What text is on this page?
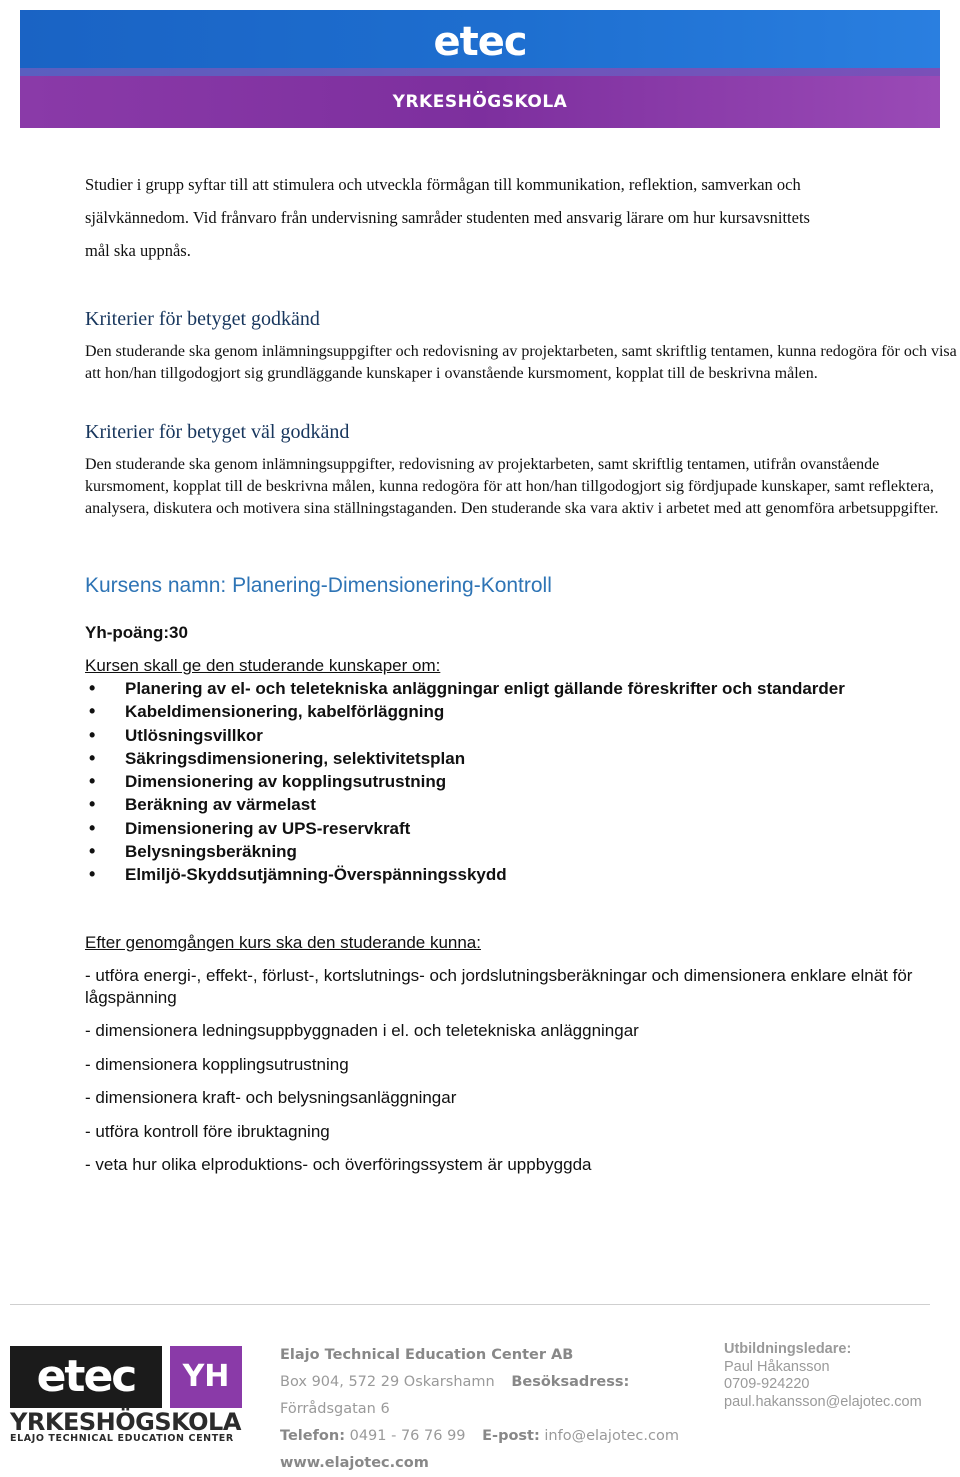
etec
YRKESHÖGSKOLA

Studier i grupp syftar till att stimulera och utveckla förmågan till kommunikation, reflektion, samverkan och

självkännedom. Vid frånvaro från undervisning samråder studenten med ansvarig lärare om hur kursavsnittets

mål ska uppnås.

Kriterier för betyget godkänd

Den studerande ska genom inlämningsuppgifter och redovisning av projektarbeten, samt skriftlig tentamen, kunna redogöra för och visa att hon/han tillgodogjort sig grundläggande kunskaper i ovanstående kursmoment, kopplat till de beskrivna målen.

Kriterier för betyget väl godkänd

Den studerande ska genom inlämningsuppgifter, redovisning av projektarbeten, samt skriftlig tentamen, utifrån ovanstående kursmoment, kopplat till de beskrivna målen, kunna redogöra för att hon/han tillgodogjort sig fördjupade kunskaper, samt reflektera, analysera, diskutera och motivera sina ställningstaganden. Den studerande ska vara aktiv i arbetet med att genomföra arbetsuppgifter.

Kursens namn: Planering-Dimensionering-Kontroll

Yh-poäng:30

Kursen skall ge den studerande kunskaper om:

• Planering av el- och teletekniska anläggningar enligt gällande föreskrifter och standarder
• Kabeldimensionering, kabelförläggning
• Utlösningsvillkor
• Säkringsdimensionering, selektivitetsplan
• Dimensionering av kopplingsutrustning
• Beräkning av värmelast
• Dimensionering av UPS-reservkraft
• Belysningsberäkning
• Elmiljö-Skyddsutjämning-Överspänningsskydd

Efter genomgången kurs ska den studerande kunna:

- utföra energi-, effekt-, förlust-, kortslutnings- och jordslutningsberäkningar och dimensionera enklare elnät för lågspänning

- dimensionera ledningsuppbyggnaden i el. och teletekniska anläggningar

- dimensionera kopplingsutrustning

- dimensionera kraft- och belysningsanläggningar

- utföra kontroll före ibruktagning

- veta hur olika elproduktions- och överföringssystem är uppbyggda

etec	YH
YRKESHÖGSKOLA
ELAJO TECHNICAL EDUCATION CENTER
Elajo Technical Education Center AB
Box 904, 572 29 Oskarshamn Besöksadress: Förrådsgatan 6
Telefon: 0491 - 76 76 99 E-post: info@elajotec.com
www.elajotec.com
Utbildningsledare:
Paul Håkansson
0709-924220
paul.hakansson@elajotec.com
